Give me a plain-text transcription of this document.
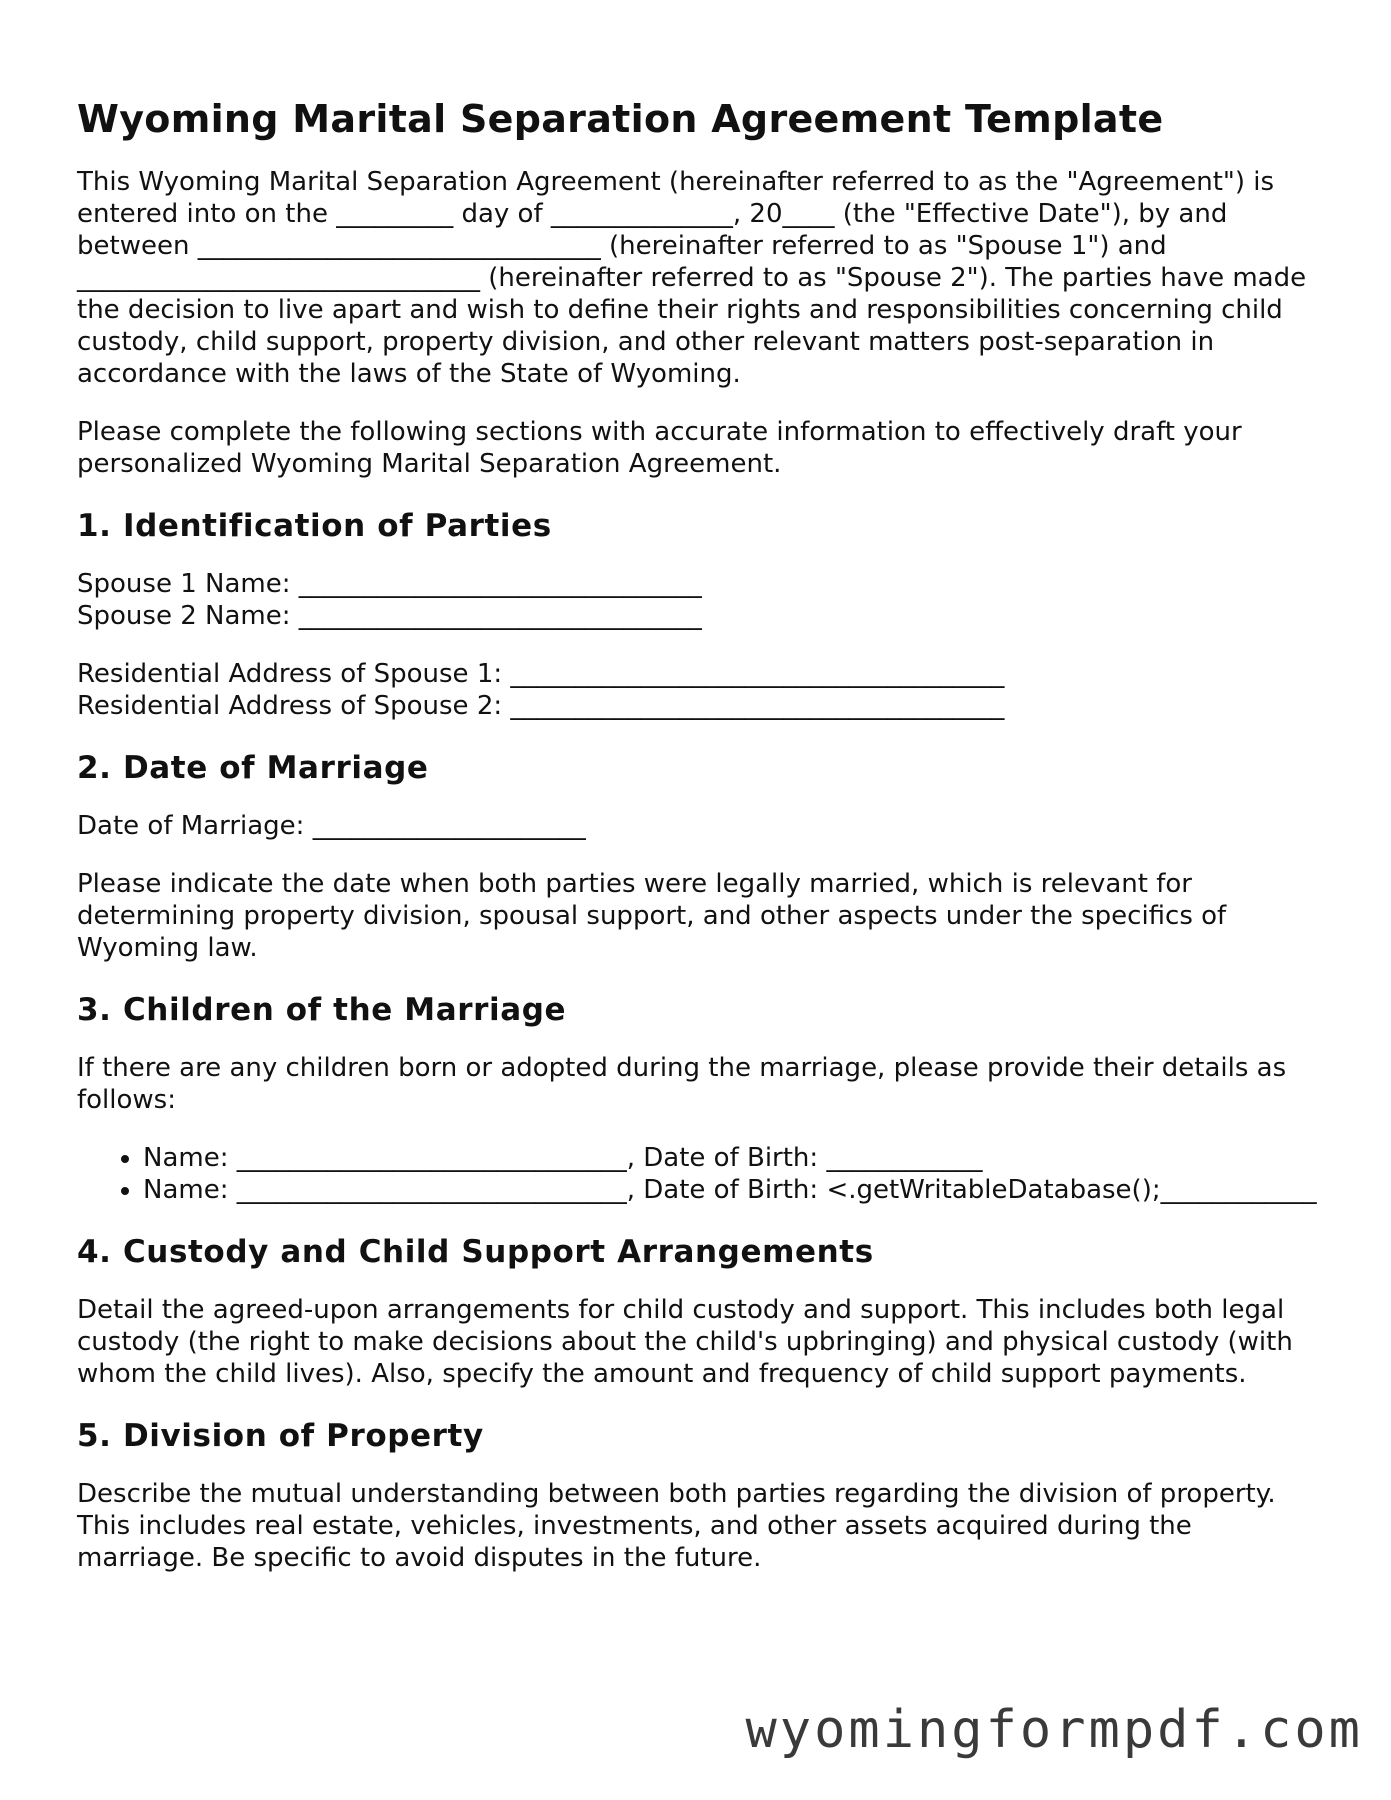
Wyoming Marital Separation Agreement Template

This Wyoming Marital Separation Agreement (hereinafter referred to as the "Agreement") is entered into on the _________ day of ______________, 20____ (the "Effective Date"), by and between _______________________________ (hereinafter referred to as "Spouse 1") and _______________________________ (hereinafter referred to as "Spouse 2"). The parties have made the decision to live apart and wish to define their rights and responsibilities concerning child custody, child support, property division, and other relevant matters post-separation in accordance with the laws of the State of Wyoming.

Please complete the following sections with accurate information to effectively draft your personalized Wyoming Marital Separation Agreement.

1. Identification of Parties
Spouse 1 Name: _______________________________
Spouse 2 Name: _______________________________
Residential Address of Spouse 1: ______________________________________
Residential Address of Spouse 2: ______________________________________
2. Date of Marriage

Date of Marriage: _____________________

Please indicate the date when both parties were legally married, which is relevant for determining property division, spousal support, and other aspects under the specifics of Wyoming law.

3. Children of the Marriage

If there are any children born or adopted during the marriage, please provide their details as follows:

• Name: ______________________________, Date of Birth: ____________
• Name: ______________________________, Date of Birth: <.getWritableDatabase();____________
4. Custody and Child Support Arrangements

Detail the agreed-upon arrangements for child custody and support. This includes both legal custody (the right to make decisions about the child's upbringing) and physical custody (with whom the child lives). Also, specify the amount and frequency of child support payments.

5. Division of Property

Describe the mutual understanding between both parties regarding the division of property. This includes real estate, vehicles, investments, and other assets acquired during the marriage. Be specific to avoid disputes in the future.

wyomingformpdf.com
